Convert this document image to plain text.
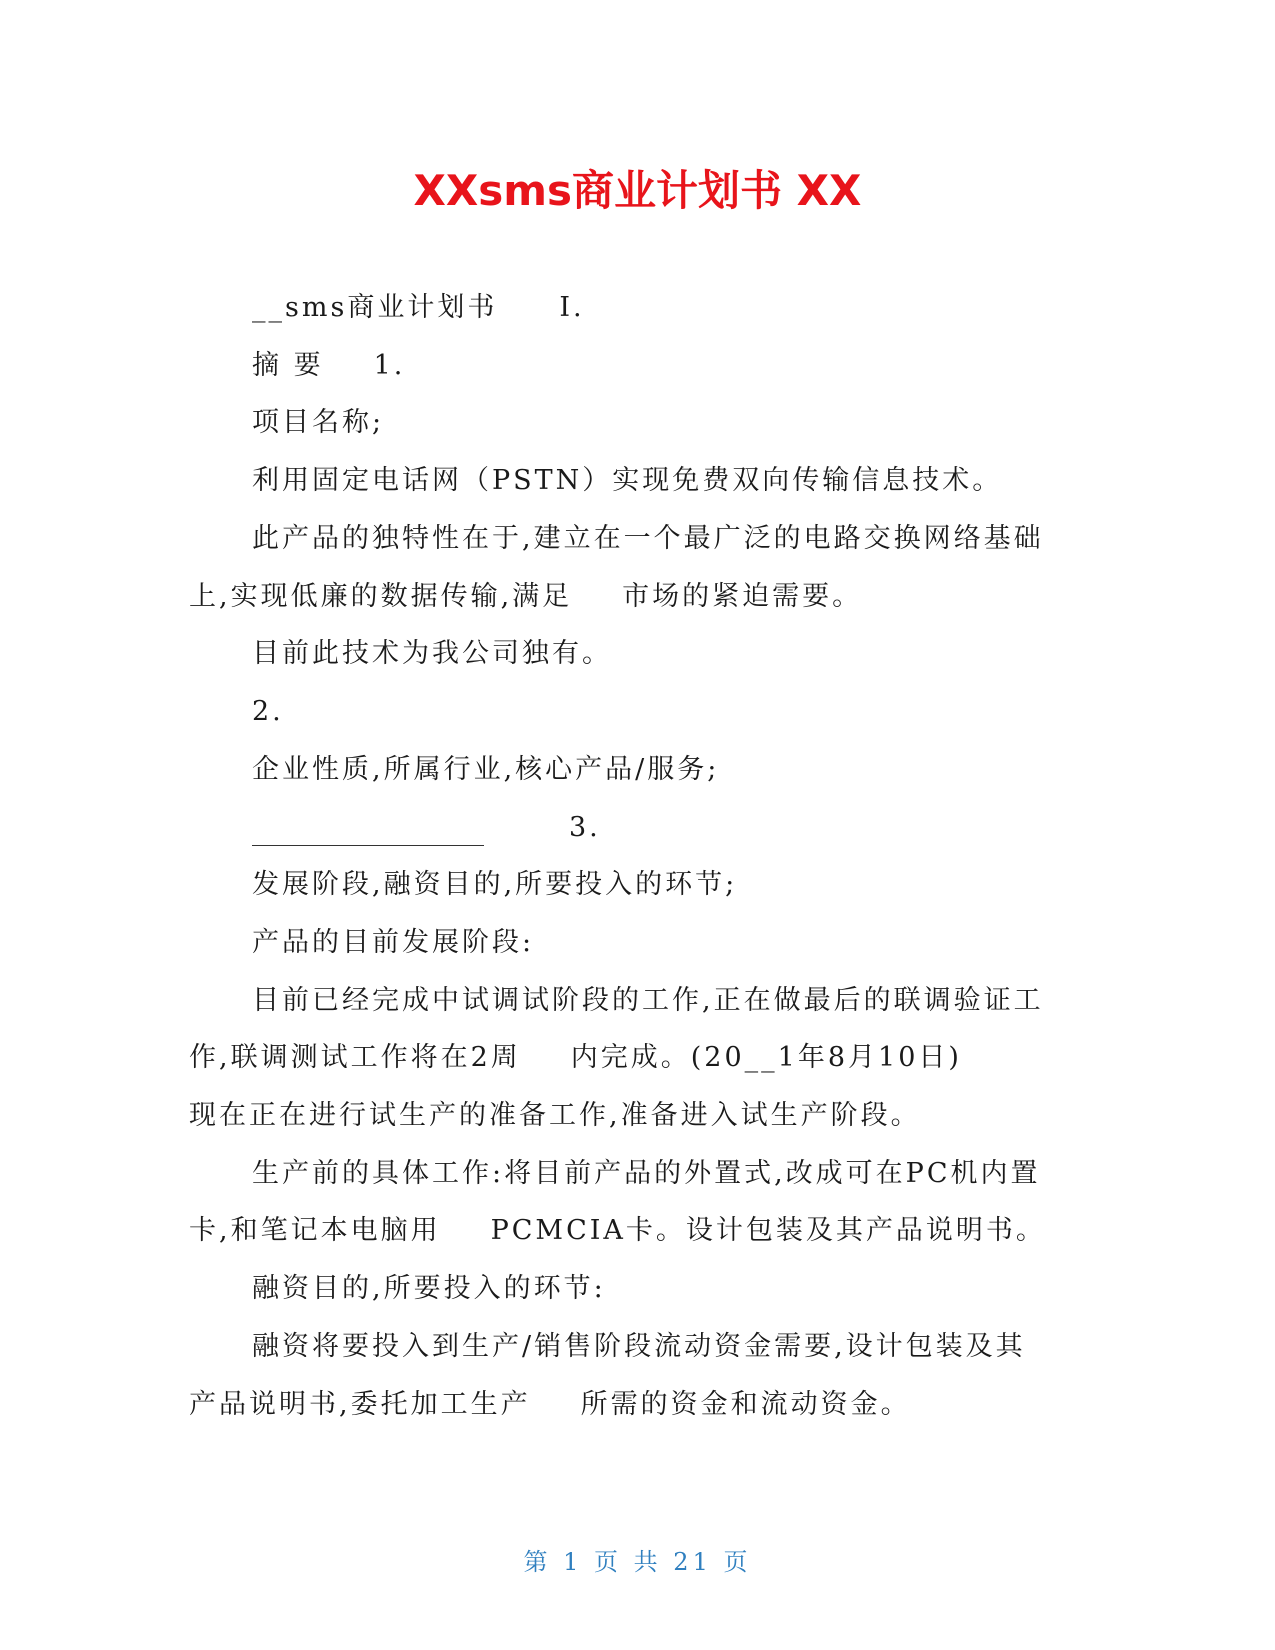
XXsms商业计划书 XX

__sms商业计划书 I.

摘 要 1.

项目名称;

利用固定电话网（PSTN）实现免费双向传输信息技术。

此产品的独特性在于,建立在一个最广泛的电路交换网络基础

上,实现低廉的数据传输,满足 市场的紧迫需要。

目前此技术为我公司独有。

2.

企业性质,所属行业,核心产品/服务;

3.

发展阶段,融资目的,所要投入的环节;

产品的目前发展阶段:

目前已经完成中试调试阶段的工作,正在做最后的联调验证工

作,联调测试工作将在2周 内完成。(20__1年8月10日)

现在正在进行试生产的准备工作,准备进入试生产阶段。

生产前的具体工作:将目前产品的外置式,改成可在PC机内置

卡,和笔记本电脑用 PCMCIA卡。设计包装及其产品说明书。

融资目的,所要投入的环节:

融资将要投入到生产/销售阶段流动资金需要,设计包装及其

产品说明书,委托加工生产 所需的资金和流动资金。

第 1 页 共 21 页
